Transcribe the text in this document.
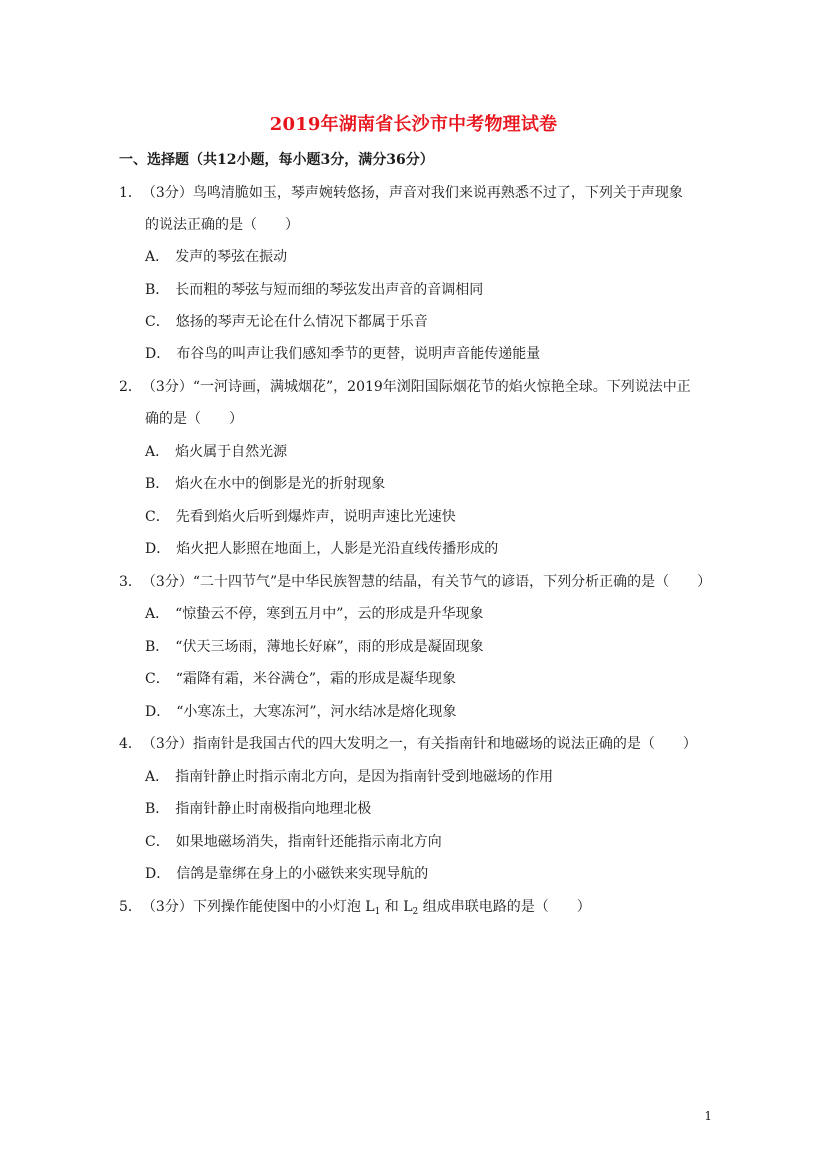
2019年湖南省长沙市中考物理试卷
一、选择题（共12小题，每小题3分，满分36分）
1．（3分）鸟鸣清脆如玉，琴声婉转悠扬，声音对我们来说再熟悉不过了，下列关于声现象
的说法正确的是（　　）
A． 发声的琴弦在振动
B． 长而粗的琴弦与短而细的琴弦发出声音的音调相同
C． 悠扬的琴声无论在什么情况下都属于乐音
D． 布谷鸟的叫声让我们感知季节的更替，说明声音能传递能量
2．（3分）“一河诗画，满城烟花”，2019年浏阳国际烟花节的焰火惊艳全球。下列说法中正
确的是（　　）
A． 焰火属于自然光源
B． 焰火在水中的倒影是光的折射现象
C． 先看到焰火后听到爆炸声，说明声速比光速快
D． 焰火把人影照在地面上，人影是光沿直线传播形成的
3．（3分）“二十四节气”是中华民族智慧的结晶，有关节气的谚语，下列分析正确的是（　　）
A． “惊蛰云不停，寒到五月中”，云的形成是升华现象
B． “伏天三场雨，薄地长好麻”，雨的形成是凝固现象
C． “霜降有霜，米谷满仓”，霜的形成是凝华现象
D． “小寒冻土，大寒冻河”，河水结冰是熔化现象
4．（3分）指南针是我国古代的四大发明之一，有关指南针和地磁场的说法正确的是（　　）
A． 指南针静止时指示南北方向，是因为指南针受到地磁场的作用
B． 指南针静止时南极指向地理北极
C． 如果地磁场消失，指南针还能指示南北方向
D． 信鸽是靠绑在身上的小磁铁来实现导航的
5．（3分）下列操作能使图中的小灯泡 $L_1$ 和 $L_2$ 组成串联电路的是（　　）
1
